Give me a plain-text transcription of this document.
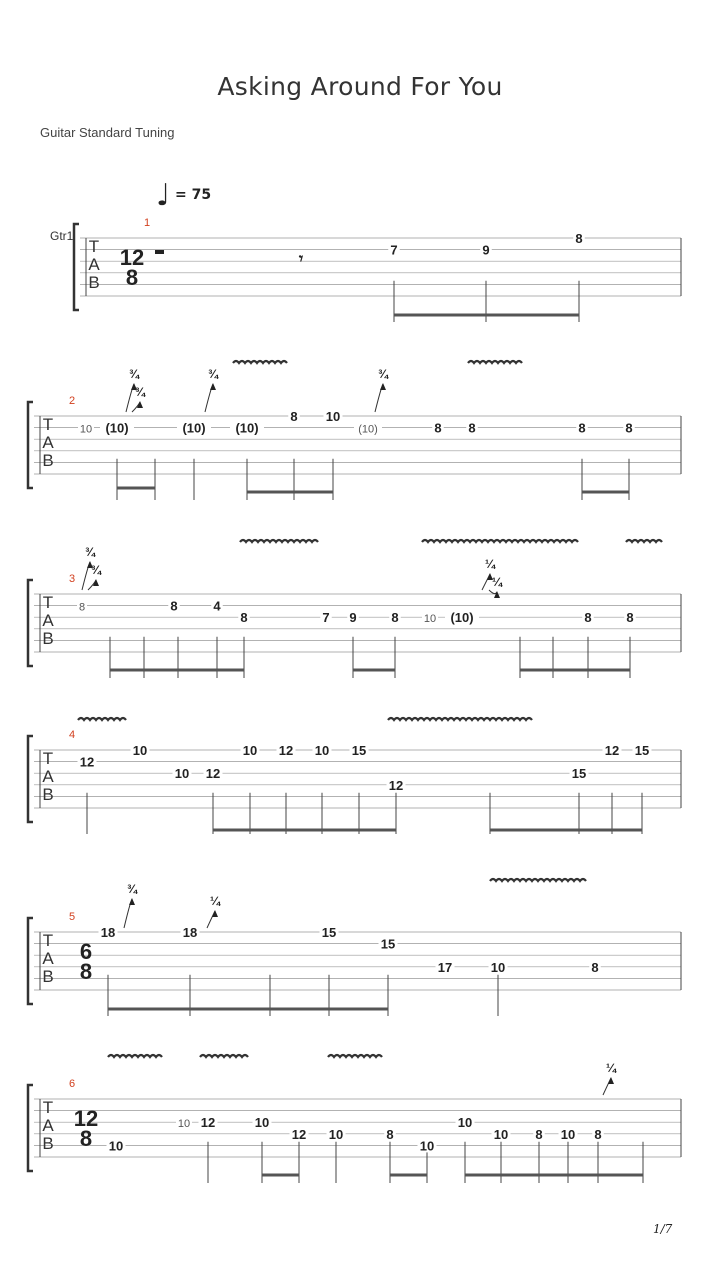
Asking Around For You
Guitar Standard Tuning
♩ = 75
Gtr1
1/7
T
A
B
1
12
8
7	9
8
𝄾
T
A
B
2
10 (10)	(10) (10)
8 10
(10)	8 8	8	8
¾
¾
¾	¾
T
A
B
3
8	8	4
8	7 9	8 10 (10)	8	8
¾
¾	¼
¼
T
A
B
4
12
10
10 12
10 12 10 15
12
15
12 15
T
A
B
5
6
8
18	18	15
15
17	10	8
¾
¼
T
A
B
6
12
8 10
10 12	10
12 10	8
10
10
10 8 10 8
¼
